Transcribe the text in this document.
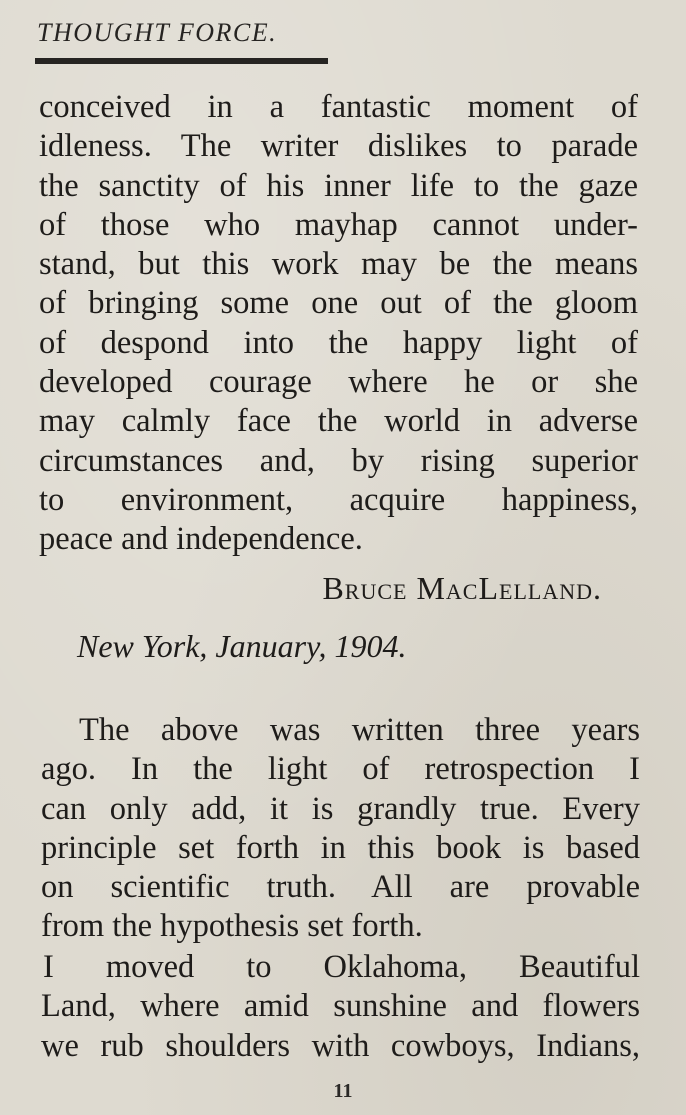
THOUGHT FORCE.
conceived in a fantastic moment of
idleness. The writer dislikes to parade
the sanctity of his inner life to the gaze
of those who mayhap cannot under-
stand, but this work may be the means
of bringing some one out of the gloom
of despond into the happy light of
developed courage where he or she
may calmly face the world in adverse
circumstances and, by rising superior
to environment, acquire happiness,
peace and independence.
Bruce MacLelland.
New York, January, 1904.
The above was written three years
ago. In the light of retrospection I
can only add, it is grandly true. Every
principle set forth in this book is based
on scientific truth. All are provable
from the hypothesis set forth.
I moved to Oklahoma, Beautiful
Land, where amid sunshine and flowers
we rub shoulders with cowboys, Indians,
11
